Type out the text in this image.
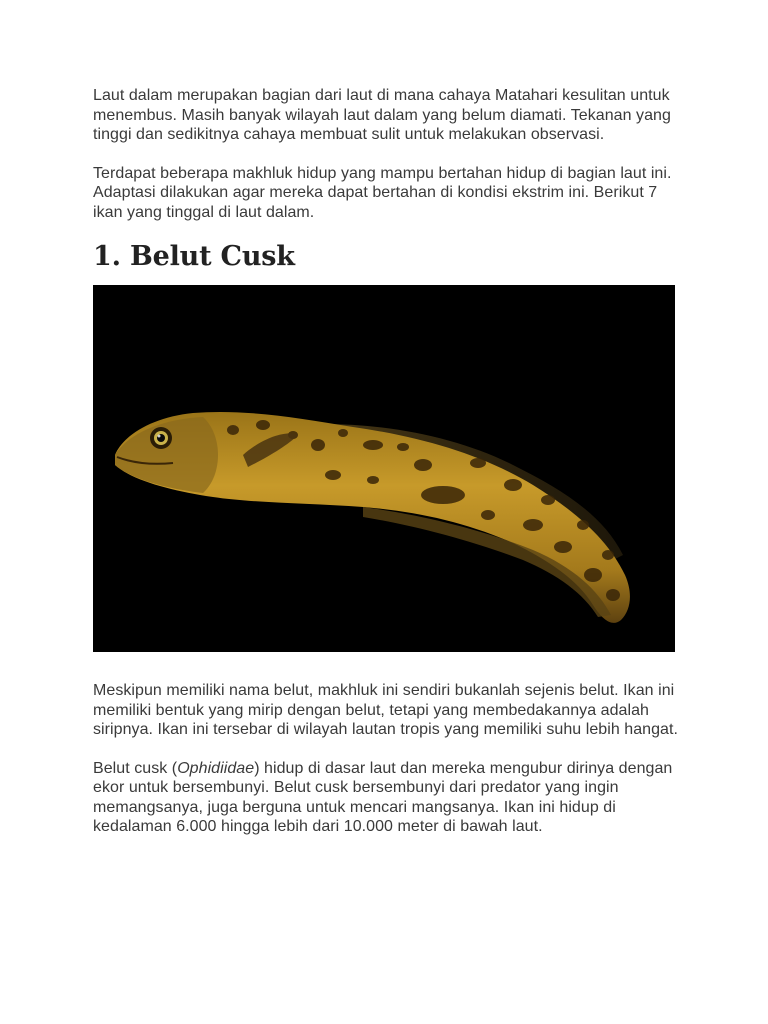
Laut dalam merupakan bagian dari laut di mana cahaya Matahari kesulitan untuk menembus. Masih banyak wilayah laut dalam yang belum diamati. Tekanan yang tinggi dan sedikitnya cahaya membuat sulit untuk melakukan observasi.

Terdapat beberapa makhluk hidup yang mampu bertahan hidup di bagian laut ini. Adaptasi dilakukan agar mereka dapat bertahan di kondisi ekstrim ini. Berikut 7 ikan yang tinggal di laut dalam.

1. Belut Cusk

Meskipun memiliki nama belut, makhluk ini sendiri bukanlah sejenis belut. Ikan ini memiliki bentuk yang mirip dengan belut, tetapi yang membedakannya adalah siripnya. Ikan ini tersebar di wilayah lautan tropis yang memiliki suhu lebih hangat.

Belut cusk (Ophidiidae) hidup di dasar laut dan mereka mengubur dirinya dengan ekor untuk bersembunyi. Belut cusk bersembunyi dari predator yang ingin memangsanya, juga berguna untuk mencari mangsanya. Ikan ini hidup di kedalaman 6.000 hingga lebih dari 10.000 meter di bawah laut.
